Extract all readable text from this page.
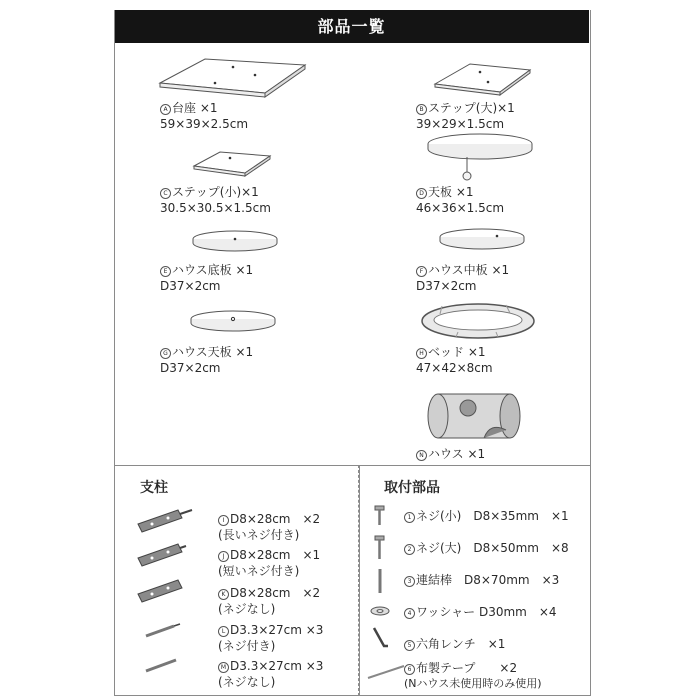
部品一覧
A 台座 ×1
59×39×2.5cm
B ステップ(大)×1
39×29×1.5cm
C ステップ(小)×1
30.5×30.5×1.5cm
D 天板 ×1
46×36×1.5cm
E ハウス底板 ×1
D37×2cm
F ハウス中板 ×1
D37×2cm
G ハウス天板 ×1
D37×2cm
H ベッド ×1
47×42×8cm
N ハウス ×1
支柱
I D8×28cm　×2
(長いネジ付き)
J D8×28cm　×1
(短いネジ付き)
K D8×28cm　×2
(ネジなし)
L D3.3×27cm ×3
(ネジ付き)
M D3.3×27cm ×3
(ネジなし)
取付部品
1 ネジ(小)　D8×35mm　×1
2 ネジ(大)　D8×50mm　×8
3 連結棒　D8×70mm　×3
4 ワッシャー D30mm　×4
5 六角レンチ　×1
6 布製テープ　　×2
(Nハウス未使用時のみ使用)
